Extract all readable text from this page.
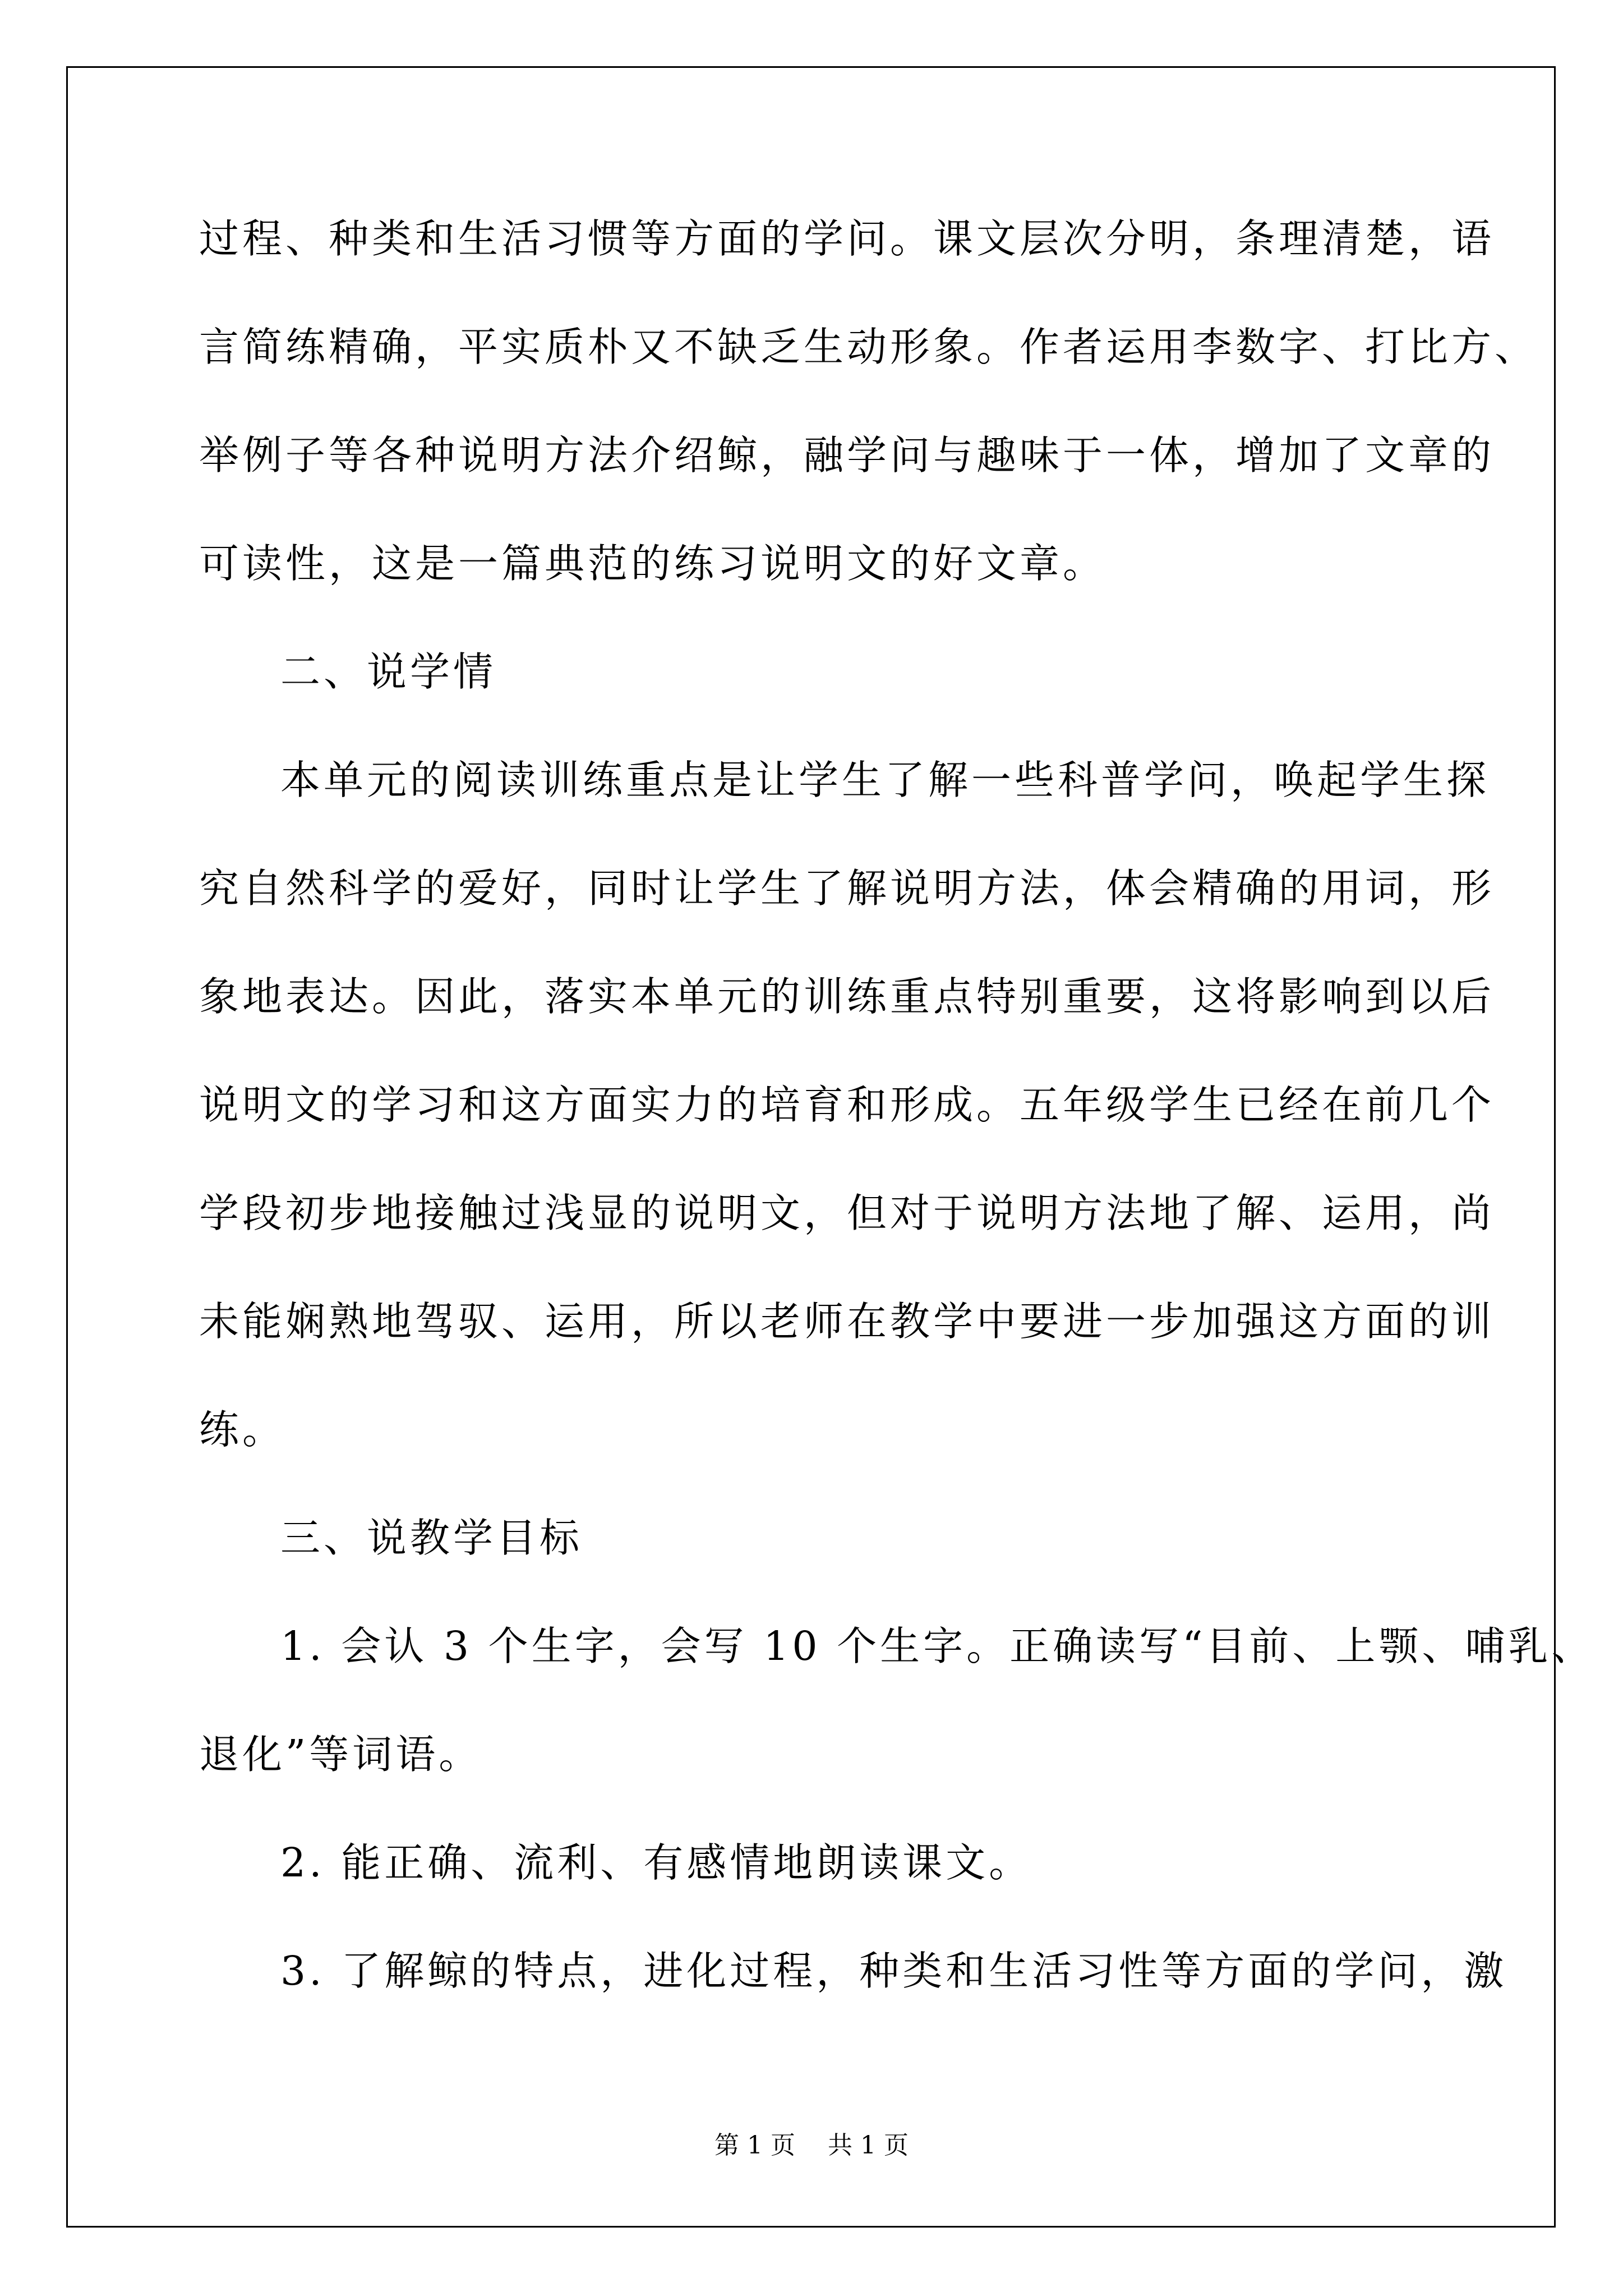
过程、种类和生活习惯等方面的学问。课文层次分明，条理清楚，语
言简练精确，平实质朴又不缺乏生动形象。作者运用李数字、打比方、
举例子等各种说明方法介绍鲸，融学问与趣味于一体，增加了文章的
可读性，这是一篇典范的练习说明文的好文章。
二、说学情
本单元的阅读训练重点是让学生了解一些科普学问，唤起学生探
究自然科学的爱好，同时让学生了解说明方法，体会精确的用词，形
象地表达。因此，落实本单元的训练重点特别重要，这将影响到以后
说明文的学习和这方面实力的培育和形成。五年级学生已经在前几个
学段初步地接触过浅显的说明文，但对于说明方法地了解、运用，尚
未能娴熟地驾驭、运用，所以老师在教学中要进一步加强这方面的训
练。
三、说教学目标
1. 会认 3 个生字，会写 10 个生字。正确读写“目前、上颚、哺乳、
退化”等词语。
2. 能正确、流利、有感情地朗读课文。
3. 了解鲸的特点，进化过程，种类和生活习性等方面的学问，激
第 1 页　 共 1 页
